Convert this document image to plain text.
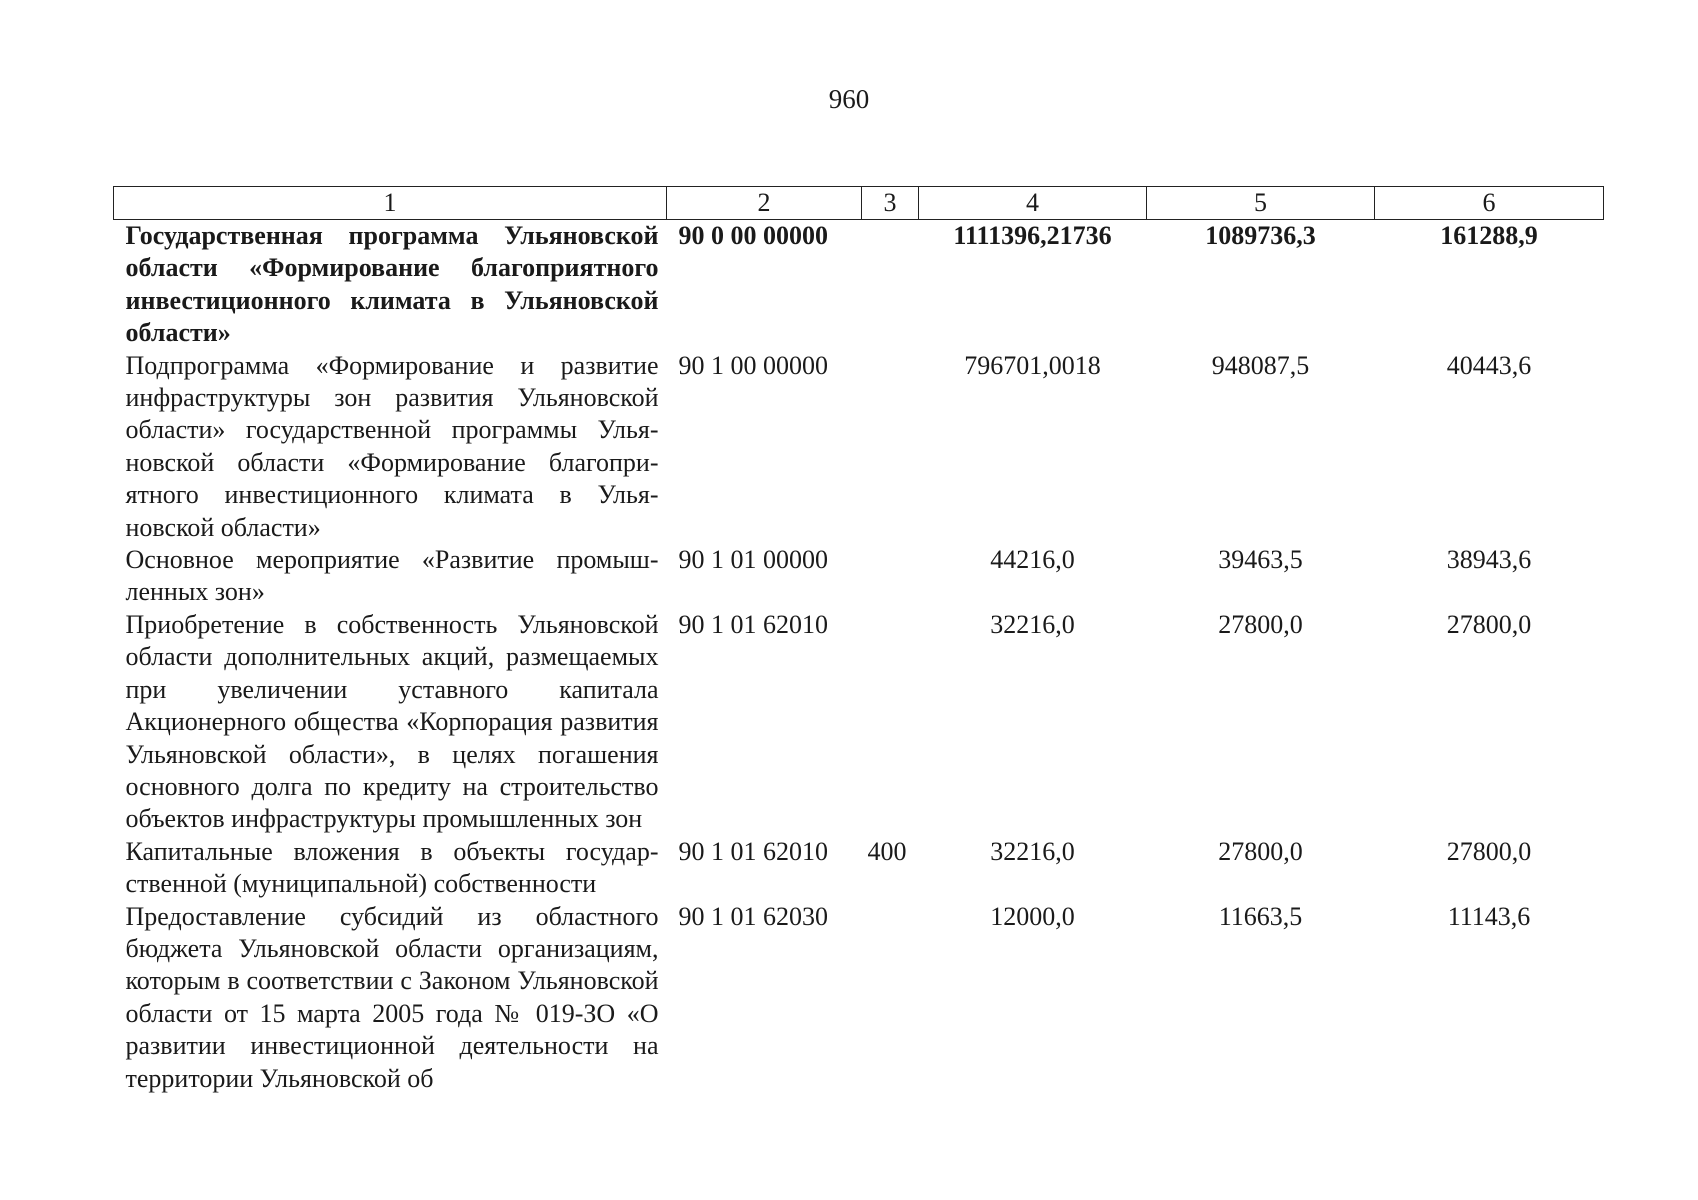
960
1	2	3	4	5	6
Государственная программа Ульяновской области «Формирование благоприятного инвестиционного климата в Ульяновской области»	90 0 00 00000		1111396,21736	1089736,3	161288,9
Подпрограмма «Формирование и развитие инфраструктуры зон развития Ульяновской области» государственной программы Ульяновской области «Формирование благоприятного инвестиционного климата в Ульяновской области»	90 1 00 00000		796701,0018	948087,5	40443,6
Основное мероприятие «Развитие промышленных зон»	90 1 01 00000		44216,0	39463,5	38943,6
Приобретение в собственность Ульяновской области дополнительных акций, размещаемых при увеличении уставного капитала Акционерного общества «Корпорация развития Ульяновской области», в целях погашения основного долга по кредиту на строительство объектов инфраструктуры промышленных зон	90 1 01 62010		32216,0	27800,0	27800,0
Капитальные вложения в объекты государственной (муниципальной) собственности	90 1 01 62010	400	32216,0	27800,0	27800,0
Предоставление субсидий из областного бюджета Ульяновской области организациям, которым в соответствии с Законом Ульяновской области от 15 марта 2005 года № 019-ЗО «О развитии инвестиционной деятельности на территории Ульяновской об	90 1 01 62030		12000,0	11663,5	11143,6
